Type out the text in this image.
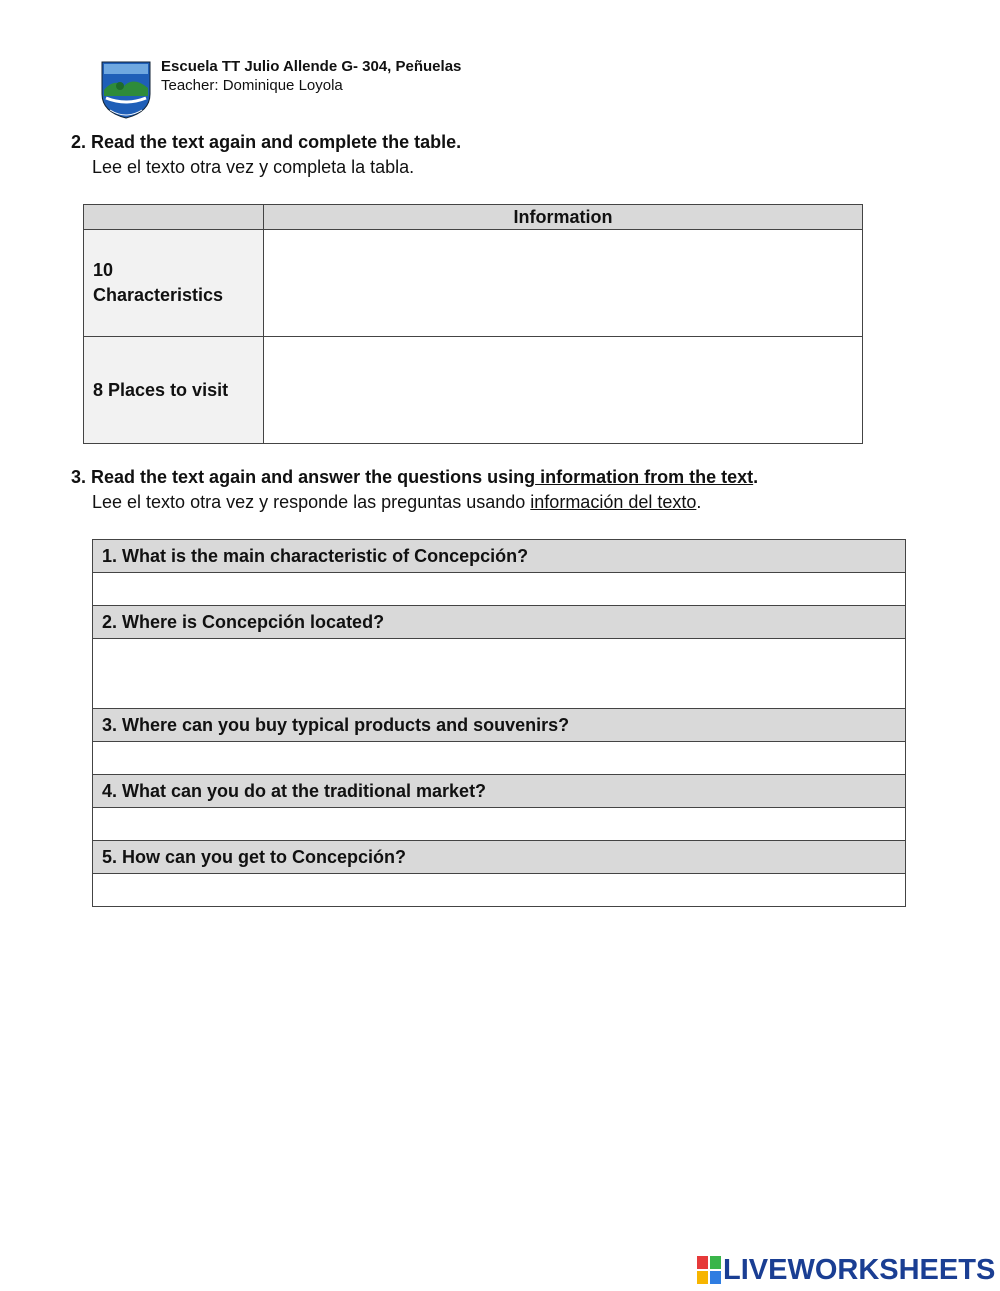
Escuela TT Julio Allende G- 304, Peñuelas
Teacher: Dominique Loyola
2. Read the text again and complete the table.
Lee el texto otra vez y completa la tabla.
	Information

10
Characteristics	

8 Places to visit	
3. Read the text again and answer the questions using information from the text.
Lee el texto otra vez y responde las preguntas usando información del texto.
1. What is the main characteristic of Concepción?

2. Where is Concepción located?

3. Where can you buy typical products and souvenirs?

4. What can you do at the traditional market?

5. How can you get to Concepción?

LIVEWORKSHEETS
